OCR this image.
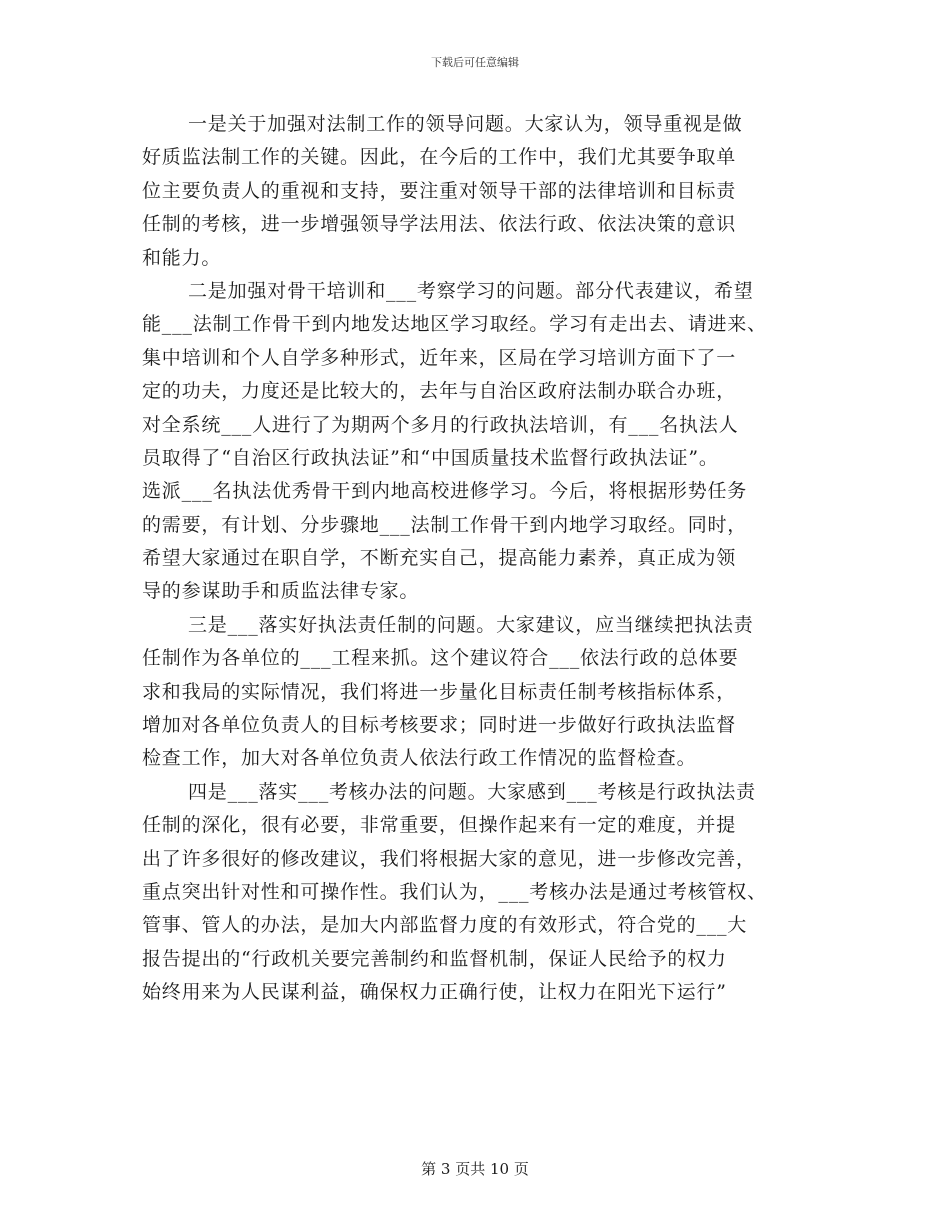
下载后可任意编辑
一是关于加强对法制工作的领导问题。大家认为，领导重视是做
好质监法制工作的关键。因此，在今后的工作中，我们尤其要争取单
位主要负责人的重视和支持，要注重对领导干部的法律培训和目标责
任制的考核，进一步增强领导学法用法、依法行政、依法决策的意识
和能力。
二是加强对骨干培训和___考察学习的问题。部分代表建议，希望
能___法制工作骨干到内地发达地区学习取经。学习有走出去、请进来、
集中培训和个人自学多种形式，近年来，区局在学习培训方面下了一
定的功夫，力度还是比较大的，去年与自治区政府法制办联合办班，
对全系统___人进行了为期两个多月的行政执法培训，有___名执法人
员取得了“自治区行政执法证”和“中国质量技术监督行政执法证”。
选派___名执法优秀骨干到内地高校进修学习。今后，将根据形势任务
的需要，有计划、分步骤地___法制工作骨干到内地学习取经。同时，
希望大家通过在职自学，不断充实自己，提高能力素养，真正成为领
导的参谋助手和质监法律专家。
三是___落实好执法责任制的问题。大家建议，应当继续把执法责
任制作为各单位的___工程来抓。这个建议符合___依法行政的总体要
求和我局的实际情况，我们将进一步量化目标责任制考核指标体系，
增加对各单位负责人的目标考核要求；同时进一步做好行政执法监督
检查工作，加大对各单位负责人依法行政工作情况的监督检查。
四是___落实___考核办法的问题。大家感到___考核是行政执法责
任制的深化，很有必要，非常重要，但操作起来有一定的难度，并提
出了许多很好的修改建议，我们将根据大家的意见，进一步修改完善，
重点突出针对性和可操作性。我们认为，___考核办法是通过考核管权、
管事、管人的办法，是加大内部监督力度的有效形式，符合党的___大
报告提出的“行政机关要完善制约和监督机制，保证人民给予的权力
始终用来为人民谋利益，确保权力正确行使，让权力在阳光下运行”
第 3 页共 10 页
